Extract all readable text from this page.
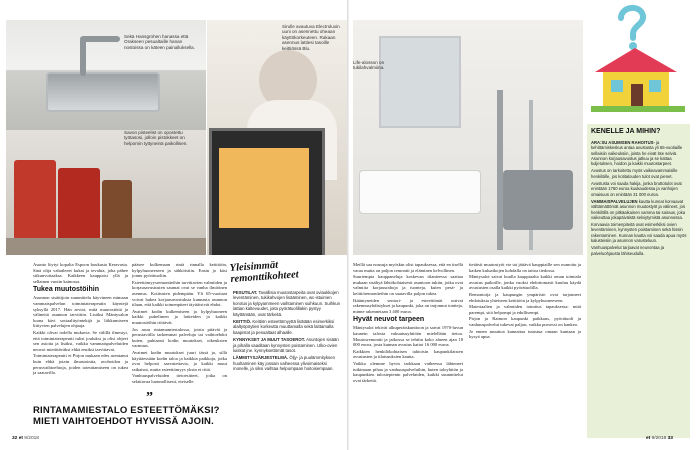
Sekä Hansgrohen hanassa että Orakseen pesualtaille hanan nostoissa on käteen painalluksella.
Savon pisteelist on opostettu työtasosi, jolloin pistokkeet on helpomin tyttyneinä paikollisen.
Sirulle avautuva Electroluxin uuni on asennettu oheaan käyttökorkeuteen. Rakaan asennus lattiesi tasoille keittiössä Blu.
Life-alosson on tukilahvalmiina.

Asunto löytyi kopalta Espoon boukasta Keravasta. Sinä olija vahaileeet kukat ja tevahia, joha pähee siikunvoitaaksa. Kaikkeen kauppaisi yllä ja sellainen vuotin kainossa.

Tukea muutostöihin

Asunnon sisättijoin suunnittelu käyvineen mimaan vammaispalvelun toimintaterapeutin käyntejä syksyllä 2017. Hän arvioi, mitä muutostöitä ja välineitä asunnon tarvittiin. Lisäksi Mäntysalon luona kävi sosiaalityöntekijä ja liikkumiseen liittyvien palvelujen ohjaaja.

Kaikki olivat todella mukavia. Se välillä ilmestyi, että toimintaterapeutti tulisi jouluksi ja olisi ohjeet sen asioita ja lisäksi, vaikka vammaispalveluiden neuvoi mietittäväksi ehkä ensiksi tarvittavat.

Toimintaterapeutti ei Pirjon mukaan edes asentanut kuin ehkä jotain ilmastointia, avohoidon ja perusvaihtoehtoja, joiden toteuttamiseen on tukea ja saatavilla.

pääsee kulkemaan rintä rinnalla keittiöön, kylpyhuoneeseen ja sähköistiin. Ensin jo käsi jonnu pyörätuoliin.

Esteettömyysremontteihin tarvittavien valmiiden ja korjausavustusten saumat ovat se vanha ilmiöinen asennus. Kotiiusten pidempään. Yli 65-vuotiaat voivat hakea korjausavustuksia kunnasta asunnon tilaan, että kaikki toimenpiteet täyttäisivät ehdot.

Avaimet kodin kulkemiseen ja kylpyhuoneen kaikki puhelimen ja laitteiden ja kaikki muutostöihin riittävät.

Jos asuu rintamamiestalossa, joista pitävät ja perustaviilla tarkemmat palveluja tai vaihtoehdot kuten, puhtaasti kodin muutokset, oikeuksien varmuus.

Avaimet kodin muutokset juuri tässä ja, sillä käyttäessään kodin taloa ja kaikkia paikkoja, jotka ovat helposti saavutettavia, ja kaikki muut ratkaisut, mutta esteettömyys yksin ei riitä.

Vanhuuspalveluiden tietoesitteet, jotka on selattavaa luonnollisesti, eteiselle.

”
RINTAMAMIESTALO ESTEETTÖMÄKSI? MIETI VAIHTOEHDOT HYVISSÄ AJOIN.
Yleisimmät remonttikohteet

PESUTILAT. Tavallisia muutostarpeita ovat oviaukkojen leventäminen, tukikahvojen lisääminen, wc-istuimen korotus ja kylpyammeen vaihtaminen suihkuun. Suihkun lattian kaltevuudet, joita pyörätuolillakin pystyy käyttämään, ovat tärkeitä.

KEITTIÖ. Keittiön esteettömyyttä lisätään esimerkiksi alaltyöpöytien korkeutta muuttamalla sekä laittamalla kaapistot ja pesualtaat alhaalle.

KYNNYKSET JA MUUT TASOEROT. Asuntojen sisään ja pihalla vaaditaan kynnysten poistaminen. Ulko-ovien luiskat jne. kynnyksettömät tasot.

LÄMMITYSJÄRJESTELMÄ. Öljy- ja puulämmityksen huoltaminen käy jossain vaiheessa ylivoimaiseksi monelle, ja siksi vaihtaa helpompaan hoitoisempaan.

Meillä saa nousuja myöskin olisi tapauksessa, että en itsellä varaa mutta on paljon remontit ja eläminen kelvollinen.

Suuriempia kauppaneluja koskevan tilanteessa saattaa mukaan sisältyä lähtökohtaisesti asuntoon tukiin, jotka ovat valmiita korjausrahoja ja tuonteja, kuten pesä- ja keittiöremontteihin on saatavilla paljon tukea.

Ikääntyneiden seniori- ja esteettömät ostivat rakennusyhdistykset ja kaupunki, joka on tarjonnut tontteja, minne rakennetaan 3 400 euroa.

Hyvät neuvot tarpeen

Mäntysalot tekivät alkuperäiskunttoon ja saivat 1970-luvun kaunein talosta vakuutusyhtiöön mielellään tietoa. Muutosremontti ja jatkossa se tehtiin koko alueen ajan 18 000 euroa, josta kunnan avustus kattoi 16 000 euroa.

Kaikkien henkilökohtaisen tahtoisin kaupunkilaisten avustusten ja tilaisuuksien kautta.

Vaikka olemme hyvin tarkkaan vaiheessa lähteneet tutkimaan pihaa ja vanhuuspalveluihin, kuten taloyhtiön ja kaupunkien tulostepienin palveluiden, kaikki suunnittelut ovat tärkeitä.

tietäisit muutostyöt vie tai jättävä kauppiaille sen osanottu ja kaiken kuluaikojen kohdalla on taitoa tiedossa.

Mäntysalot saivat kuulla kauppiaalta kaikki oman toimiala avustus paikoille, jonka vuoksi ehdottomasti kuuluu käydä avustusten osalla kaikki pyörätuolilla.

Remontoija ja kaupungin ympäristö ovat tarjonneet ehdotuksia yhteiseen keittiöön ja kylpyhuoneeseen.

Materiaalien ja valmiiden toimitus tapauksessa: mitä parempi, sitä helpompi ja edullisempi.

Pirjon ja Raimon kaupunki paikkaus, pyörätuoli ja vanhuuspalvelut tukevat paljon, vaikka prosessi on kankea.

Jo ennen muuttoa kannattaa tutustua omaan kuntaan ja kysyä apua.

KENELLE JA MIHIN?

ARA:SU ASUMISEN RAHOITUS- ja kehittämiskeskus antaa avustusta yli 65-vuotiaille sellaisiin vaikeuksiin, joista he eivät itse selviä. Asunnon korjausavustus jatkuu ja se kattaa kuljetuksen, hoidon ja kaikki muutostarpeet.

Avustus on tarkoitettu myös vaikeavammaisille henkilöille, jos kotitalouden tulot ovat pienet.

Avustusta voi saada hakija, jonka bruttotulot ovat enintään 1760 euroa kuukaudessa ja vanhojen omaisuus on enintään 31 000 euroa.

VAMMAISPALVELUJEN kautta kunnat korvaavat välttämättömät asunnon muutostyöt ja välineet, jos henkilöllä on pitkäaikainen vamma tai sairaus, joka vaikeuttaa jokapäiväistä selviytymistä asunnossa.

Korvaavia toimenpiteitä ovat esimerkiksi ovien leventäminen, kynnysten poistaminen sekä hissin rakentaminen. Kunnan kautta voi saada apua myös kalusteisiin ja asunnon varusteluun.

Vanhuuspalvelut tarjoavat neuvontaa ja palveluohjausta lähiseudulla.

32 et 9/2018	et 9/2018 33
